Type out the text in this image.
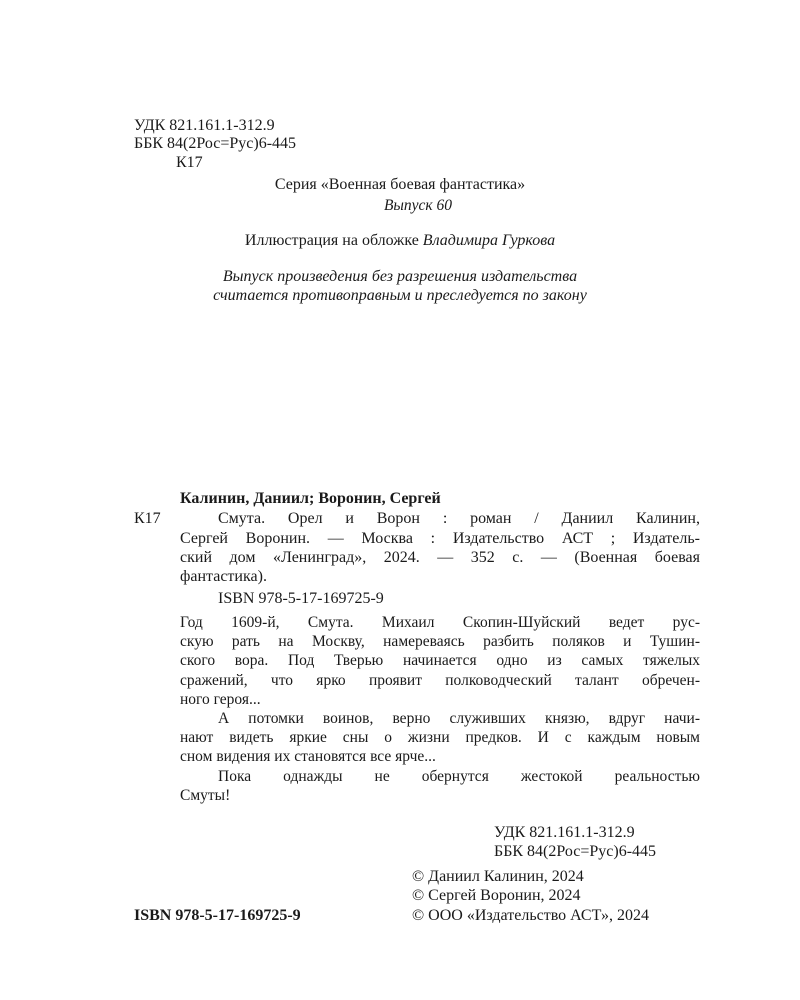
УДК 821.161.1-312.9
ББК 84(2Рос=Рус)6-445
К17
Серия «Военная боевая фантастика»
Выпуск 60
Иллюстрация на обложке Владимира Гуркова
Выпуск произведения без разрешения издательства
считается противоправным и преследуется по закону
Калинин, Даниил; Воронин, Сергей
К17	Смута. Орел и Ворон : роман / Даниил Калинин,
Сергей Воронин. — Москва : Издательство АСТ ; Издатель-
ский дом «Ленинград», 2024. — 352 с. — (Военная боевая
фантастика).
ISBN 978-5-17-169725-9
Год 1609-й, Смута. Михаил Скопин-Шуйский ведет рус-
скую рать на Москву, намереваясь разбить поляков и Тушин-
ского вора. Под Тверью начинается одно из самых тяжелых
сражений, что ярко проявит полководческий талант обречен-
ного героя...
А потомки воинов, верно служивших князю, вдруг начи-
нают видеть яркие сны о жизни предков. И с каждым новым
сном видения их становятся все ярче...
Пока однажды не обернутся жестокой реальностью
Смуты!
УДК 821.161.1-312.9
ББК 84(2Рос=Рус)6-445
© Даниил Калинин, 2024
© Сергей Воронин, 2024
© ООО «Издательство АСТ», 2024
ISBN 978-5-17-169725-9
